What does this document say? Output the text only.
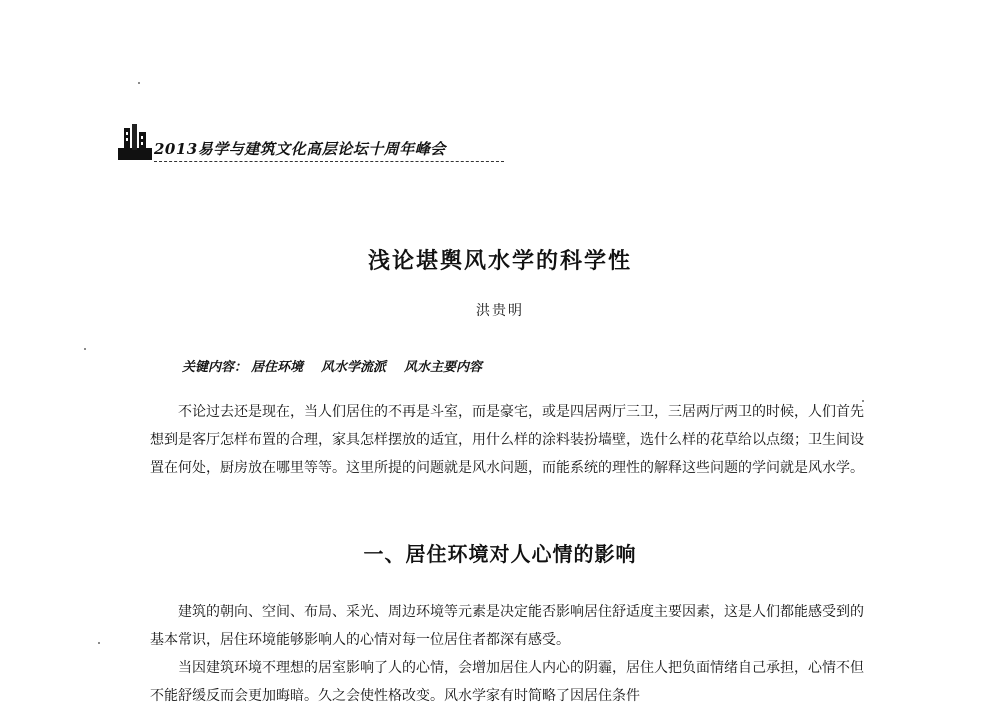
2013易学与建筑文化高层论坛十周年峰会
浅论堪舆风水学的科学性
洪贵明
关键内容： 居住环境 风水学流派 风水主要内容

不论过去还是现在，当人们居住的不再是斗室，而是豪宅，或是四居两厅三卫，三居两厅两卫的时候，人们首先想到是客厅怎样布置的合理，家具怎样摆放的适宜，用什么样的涂料装扮墙壁，选什么样的花草给以点缀；卫生间设置在何处，厨房放在哪里等等。这里所提的问题就是风水问题，而能系统的理性的解释这些问题的学问就是风水学。

一、居住环境对人心情的影响

建筑的朝向、空间、布局、采光、周边环境等元素是决定能否影响居住舒适度主要因素，这是人们都能感受到的基本常识，居住环境能够影响人的心情对每一位居住者都深有感受。

当因建筑环境不理想的居室影响了人的心情，会增加居住人内心的阴霾，居住人把负面情绪自己承担，心情不但不能舒缓反而会更加晦暗。久之会使性格改变。风水学家有时简略了因居住条件
